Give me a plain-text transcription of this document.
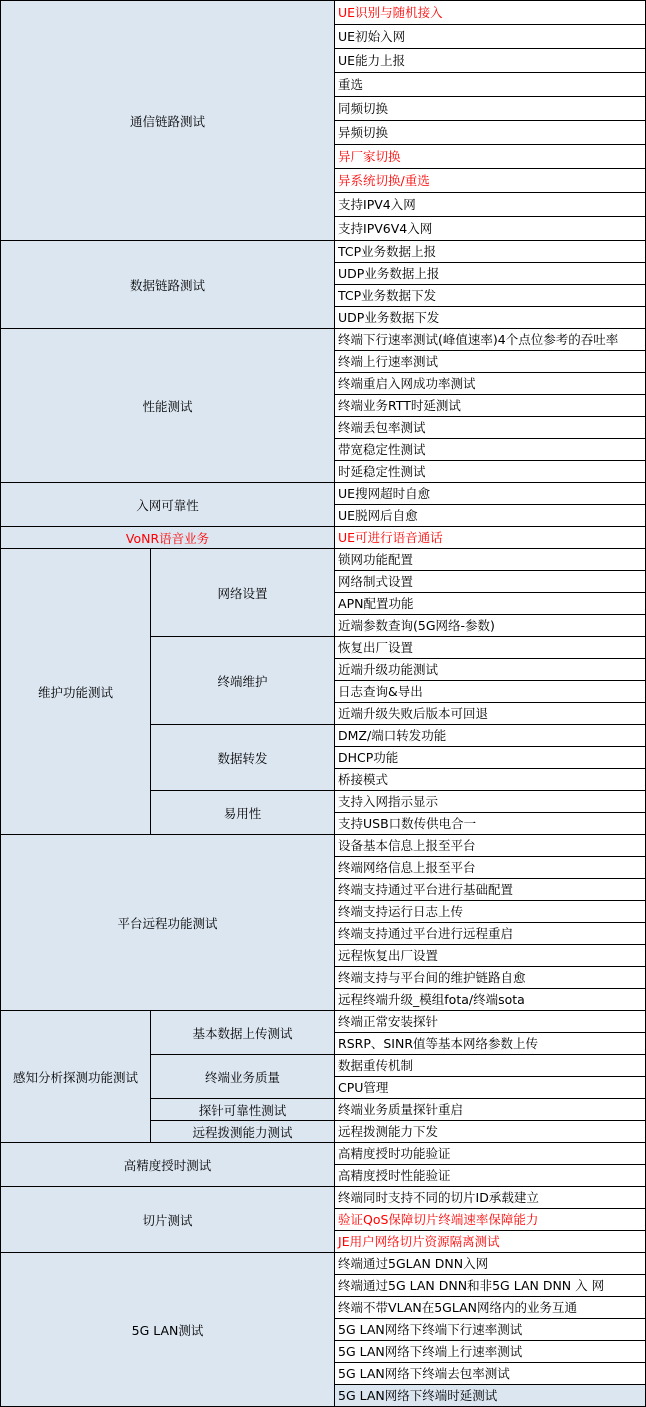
通信链路测试		UE识别与随机接入
		UE初始入网
		UE能力上报
		重选
		同频切换
		异频切换
		异厂家切换
		异系统切换/重选
		支持IPV4入网
		支持IPV6V4入网
数据链路测试		TCP业务数据上报
		UDP业务数据上报
		TCP业务数据下发
		UDP业务数据下发
性能测试		终端下行速率测试(峰值速率)4个点位参考的吞吐率
		终端上行速率测试
		终端重启入网成功率测试
		终端业务RTT时延测试
		终端丢包率测试
		带宽稳定性测试
		时延稳定性测试
入网可靠性		UE搜网超时自愈
		UE脱网后自愈
VoNR语音业务		UE可进行语音通话
维护功能测试	网络设置	锁网功能配置
		网络制式设置
		APN配置功能
		近端参数查询(5G网络-参数)
	终端维护	恢复出厂设置
		近端升级功能测试
		日志查询&导出
		近端升级失败后版本可回退
	数据转发	DMZ/端口转发功能
		DHCP功能
		桥接模式
	易用性	支持入网指示显示
		支持USB口数传供电合一
平台远程功能测试		设备基本信息上报至平台
		终端网络信息上报至平台
		终端支持通过平台进行基础配置
		终端支持运行日志上传
		终端支持通过平台进行远程重启
		远程恢复出厂设置
		终端支持与平台间的维护链路自愈
		远程终端升级_模组fota/终端sota
感知分析探测功能测试	基本数据上传测试	终端正常安装探针
		RSRP、SINR值等基本网络参数上传
	终端业务质量	数据重传机制
		CPU管理
	探针可靠性测试	终端业务质量探针重启
	远程拨测能力测试	远程拨测能力下发
高精度授时测试		高精度授时功能验证
		高精度授时性能验证
切片测试		终端同时支持不同的切片ID承载建立
		验证QoS保障切片终端速率保障能力
		JE用户网络切片资源隔离测试
5G LAN测试		终端通过5GLAN DNN入网
		终端通过5G LAN DNN和非5G LAN DNN 入 网
		终端不带VLAN在5GLAN网络内的业务互通
		5G LAN网络下终端下行速率测试
		5G LAN网络下终端上行速率测试
		5G LAN网络下终端去包率测试
		5G LAN网络下终端时延测试
